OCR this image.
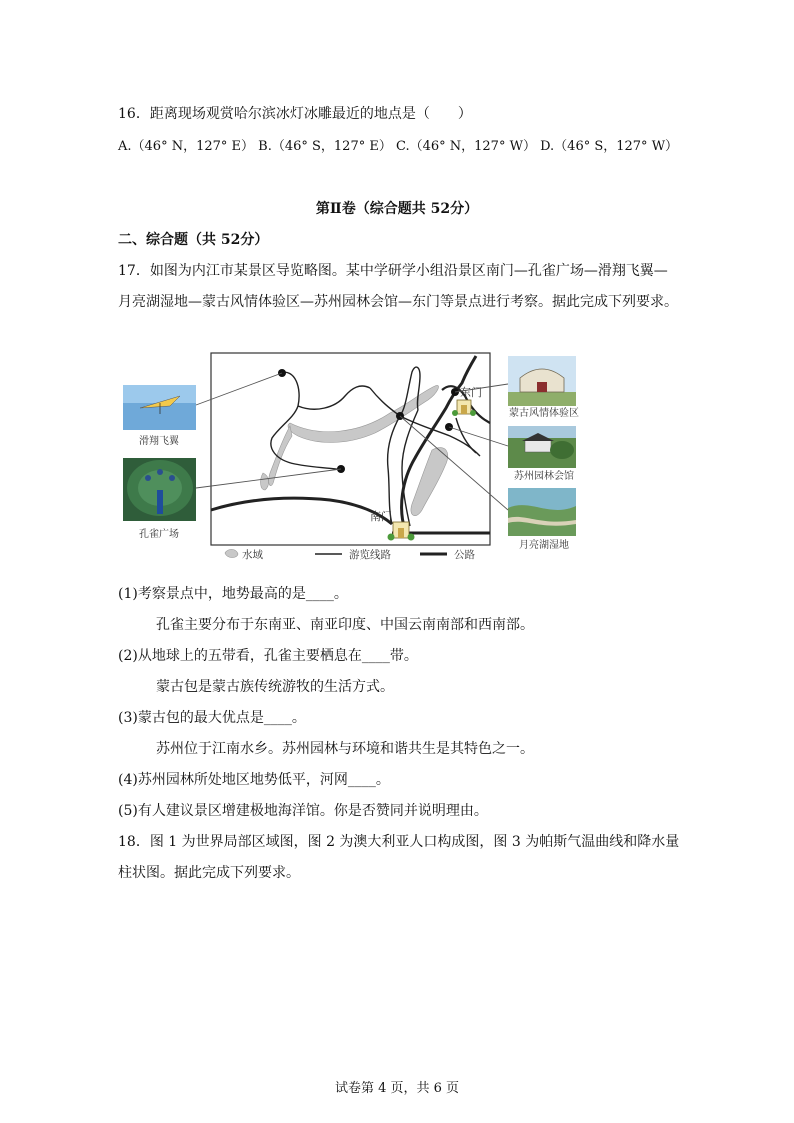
16．距离现场观赏哈尔滨冰灯冰雕最近的地点是（　　）
A.（46° N，127° E） B.（46° S，127° E） C.（46° N，127° W） D.（46° S，127° W）
第Ⅱ卷（综合题共 52分）
二、综合题（共 52分）
17．如图为内江市某景区导览略图。某中学研学小组沿景区南门—孔雀广场—滑翔飞翼—
月亮湖湿地—蒙古风情体验区—苏州园林会馆—东门等景点进行考察。据此完成下列要求。
东门
南门
滑翔飞翼
孔雀广场
蒙古风情体验区
苏州园林会馆
月亮湖湿地
水域	游览线路	公路
(1)考察景点中，地势最高的是____。
孔雀主要分布于东南亚、南亚印度、中国云南南部和西南部。
(2)从地球上的五带看，孔雀主要栖息在____带。
蒙古包是蒙古族传统游牧的生活方式。
(3)蒙古包的最大优点是____。
苏州位于江南水乡。苏州园林与环境和谐共生是其特色之一。
(4)苏州园林所处地区地势低平，河网____。
(5)有人建议景区增建极地海洋馆。你是否赞同并说明理由。
18．图 1 为世界局部区域图，图 2 为澳大利亚人口构成图，图 3 为帕斯气温曲线和降水量
柱状图。据此完成下列要求。
试卷第 4 页，共 6 页
